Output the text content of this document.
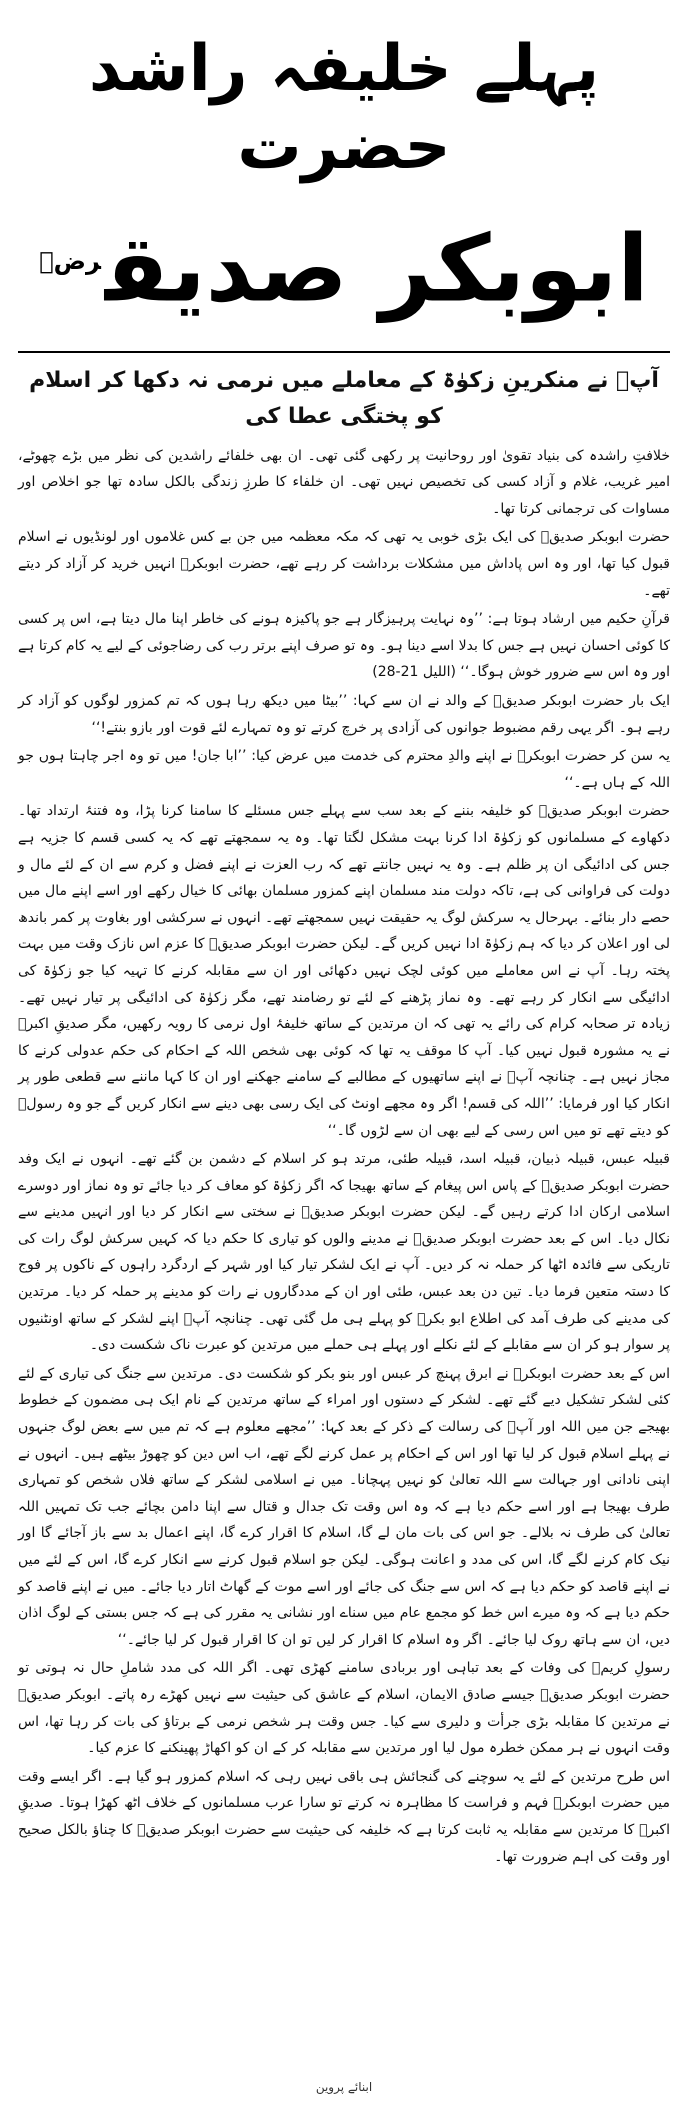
پہلے خلیفہ راشد حضرت
ابوبکر صدیق$^{رضؓ}$
آپؓ نے منکرینِ زکوٰۃ کے معاملے میں نرمی نہ دکھا کر اسلام کو پختگی عطا کی

خلافتِ راشدہ کی بنیاد تقویٰ اور روحانیت پر رکھی گئی تھی۔ ان بھی خلفائے راشدین کی نظر میں بڑے چھوٹے، امیر غریب، غلام و آزاد کسی کی تخصیص نہیں تھی۔ ان خلفاء کا طرزِ زندگی بالکل سادہ تھا جو اخلاص اور مساوات کی ترجمانی کرتا تھا۔

حضرت ابوبکر صدیقؓ کی ایک بڑی خوبی یہ تھی کہ مکہ معظمہ میں جن بے کس غلاموں اور لونڈیوں نے اسلام قبول کیا تھا، اور وہ اس پاداش میں مشکلات برداشت کر رہے تھے، حضرت ابوبکرؓ انہیں خرید کر آزاد کر دیتے تھے۔

قرآنِ حکیم میں ارشاد ہوتا ہے: ’’وہ نہایت پرہیزگار ہے جو پاکیزہ ہونے کی خاطر اپنا مال دیتا ہے، اس پر کسی کا کوئی احسان نہیں ہے جس کا بدلا اسے دینا ہو۔ وہ تو صرف اپنے برتر رب کی رضاجوئی کے لیے یہ کام کرتا ہے اور وہ اس سے ضرور خوش ہوگا۔‘‘ (اللیل 21-28)

ایک بار حضرت ابوبکر صدیقؓ کے والد نے ان سے کہا: ’’بیٹا میں دیکھ رہا ہوں کہ تم کمزور لوگوں کو آزاد کر رہے ہو۔ اگر یہی رقم مضبوط جوانوں کی آزادی پر خرچ کرتے تو وہ تمہارے لئے قوت اور بازو بنتے!‘‘

یہ سن کر حضرت ابوبکرؓ نے اپنے والدِ محترم کی خدمت میں عرض کیا: ’’ابا جان! میں تو وہ اجر چاہتا ہوں جو اللہ کے ہاں ہے۔‘‘

حضرت ابوبکر صدیقؓ کو خلیفہ بننے کے بعد سب سے پہلے جس مسئلے کا سامنا کرنا پڑا، وہ فتنۂ ارتداد تھا۔ دکھاوے کے مسلمانوں کو زکوٰۃ ادا کرنا بہت مشکل لگتا تھا۔ وہ یہ سمجھتے تھے کہ یہ کسی قسم کا جزیہ ہے جس کی ادائیگی ان پر ظلم ہے۔ وہ یہ نہیں جانتے تھے کہ رب العزت نے اپنے فضل و کرم سے ان کے لئے مال و دولت کی فراوانی کی ہے، تاکہ دولت مند مسلمان اپنے کمزور مسلمان بھائی کا خیال رکھے اور اسے اپنے مال میں حصے دار بنائے۔ بہرحال یہ سرکش لوگ یہ حقیقت نہیں سمجھتے تھے۔ انہوں نے سرکشی اور بغاوت پر کمر باندھ لی اور اعلان کر دیا کہ ہم زکوٰۃ ادا نہیں کریں گے۔ لیکن حضرت ابوبکر صدیقؓ کا عزم اس نازک وقت میں بہت پختہ رہا۔ آپ نے اس معاملے میں کوئی لچک نہیں دکھائی اور ان سے مقابلہ کرنے کا تہیہ کیا جو زکوٰۃ کی ادائیگی سے انکار کر رہے تھے۔ وہ نماز پڑھنے کے لئے تو رضامند تھے، مگر زکوٰۃ کی ادائیگی پر تیار نہیں تھے۔ زیادہ تر صحابہ کرام کی رائے یہ تھی کہ ان مرتدین کے ساتھ خلیفۂ اول نرمی کا رویہ رکھیں، مگر صدیقِ اکبرؓ نے یہ مشورہ قبول نہیں کیا۔ آپ کا موقف یہ تھا کہ کوئی بھی شخص اللہ کے احکام کی حکم عدولی کرنے کا مجاز نہیں ہے۔ چنانچہ آپؓ نے اپنے ساتھیوں کے مطالبے کے سامنے جھکنے اور ان کا کہا ماننے سے قطعی طور پر انکار کیا اور فرمایا: ’’اللہ کی قسم! اگر وہ مجھے اونٹ کی ایک رسی بھی دینے سے انکار کریں گے جو وہ رسولؐ کو دیتے تھے تو میں اس رسی کے لیے بھی ان سے لڑوں گا۔‘‘

قبیلہ عبس، قبیلہ ذبیان، قبیلہ اسد، قبیلہ طئی، مرتد ہو کر اسلام کے دشمن بن گئے تھے۔ انہوں نے ایک وفد حضرت ابوبکر صدیقؓ کے پاس اس پیغام کے ساتھ بھیجا کہ اگر زکوٰۃ کو معاف کر دیا جائے تو وہ نماز اور دوسرے اسلامی ارکان ادا کرتے رہیں گے۔ لیکن حضرت ابوبکر صدیقؓ نے سختی سے انکار کر دیا اور انہیں مدینے سے نکال دیا۔ اس کے بعد حضرت ابوبکر صدیقؓ نے مدینے والوں کو تیاری کا حکم دیا کہ کہیں سرکش لوگ رات کی تاریکی سے فائدہ اٹھا کر حملہ نہ کر دیں۔ آپ نے ایک لشکر تیار کیا اور شہر کے اردگرد راہوں کے ناکوں پر فوج کا دستہ متعین فرما دیا۔ تین دن بعد عبس، طئی اور ان کے مددگاروں نے رات کو مدینے پر حملہ کر دیا۔ مرتدین کی مدینے کی طرف آمد کی اطلاع ابو بکرؓ کو پہلے ہی مل گئی تھی۔ چنانچہ آپؓ اپنے لشکر کے ساتھ اونٹنیوں پر سوار ہو کر ان سے مقابلے کے لئے نکلے اور پہلے ہی حملے میں مرتدین کو عبرت ناک شکست دی۔

اس کے بعد حضرت ابوبکرؓ نے ابرق پہنچ کر عبس اور بنو بکر کو شکست دی۔ مرتدین سے جنگ کی تیاری کے لئے کئی لشکر تشکیل دیے گئے تھے۔ لشکر کے دستوں اور امراء کے ساتھ مرتدین کے نام ایک ہی مضمون کے خطوط بھیجے جن میں اللہ اور آپؐ کی رسالت کے ذکر کے بعد کہا: ’’مجھے معلوم ہے کہ تم میں سے بعض لوگ جنہوں نے پہلے اسلام قبول کر لیا تھا اور اس کے احکام پر عمل کرنے لگے تھے، اب اس دین کو چھوڑ بیٹھے ہیں۔ انہوں نے اپنی نادانی اور جہالت سے اللہ تعالیٰ کو نہیں پہچانا۔ میں نے اسلامی لشکر کے ساتھ فلاں شخص کو تمہاری طرف بھیجا ہے اور اسے حکم دیا ہے کہ وہ اس وقت تک جدال و قتال سے اپنا دامن بچائے جب تک تمہیں اللہ تعالیٰ کی طرف نہ بلالے۔ جو اس کی بات مان لے گا، اسلام کا اقرار کرے گا، اپنے اعمال بد سے باز آجائے گا اور نیک کام کرنے لگے گا، اس کی مدد و اعانت ہوگی۔ لیکن جو اسلام قبول کرنے سے انکار کرے گا، اس کے لئے میں نے اپنے قاصد کو حکم دیا ہے کہ اس سے جنگ کی جائے اور اسے موت کے گھاٹ اتار دیا جائے۔ میں نے اپنے قاصد کو حکم دیا ہے کہ وہ میرے اس خط کو مجمع عام میں سناے اور نشانی یہ مقرر کی ہے کہ جس بستی کے لوگ اذان دیں، ان سے ہاتھ روک لیا جائے۔ اگر وہ اسلام کا اقرار کر لیں تو ان کا اقرار قبول کر لیا جائے۔‘‘

رسولِ کریمؐ کی وفات کے بعد تباہی اور بربادی سامنے کھڑی تھی۔ اگر اللہ کی مدد شاملِ حال نہ ہوتی تو حضرت ابوبکر صدیقؓ جیسے صادق الایمان، اسلام کے عاشق کی حیثیت سے نہیں کھڑے رہ پاتے۔ ابوبکر صدیقؓ نے مرتدین کا مقابلہ بڑی جرأت و دلیری سے کیا۔ جس وقت ہر شخص نرمی کے برتاؤ کی بات کر رہا تھا، اس وقت انہوں نے ہر ممکن خطرہ مول لیا اور مرتدین سے مقابلہ کر کے ان کو اکھاڑ پھینکنے کا عزم کیا۔

اس طرح مرتدین کے لئے یہ سوچنے کی گنجائش ہی باقی نہیں رہی کہ اسلام کمزور ہو گیا ہے۔ اگر ایسے وقت میں حضرت ابوبکرؓ فہم و فراست کا مظاہرہ نہ کرتے تو سارا عرب مسلمانوں کے خلاف اٹھ کھڑا ہوتا۔ صدیقِ اکبرؓ کا مرتدین سے مقابلہ یہ ثابت کرتا ہے کہ خلیفہ کی حیثیت سے حضرت ابوبکر صدیقؓ کا چناؤ بالکل صحیح اور وقت کی اہم ضرورت تھا۔

ابنائے پروین
